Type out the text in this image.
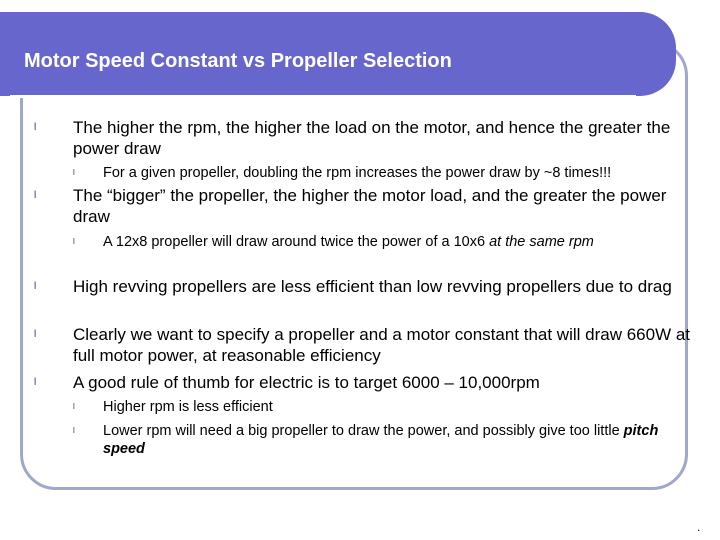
Motor Speed Constant vs Propeller Selection
l The higher the rpm, the higher the load on the motor, and hence the greater the power draw
l For a given propeller, doubling the rpm increases the power draw by ~8 times!!!
l The “bigger” the propeller, the higher the motor load, and the greater the power draw
l A 12x8 propeller will draw around twice the power of a 10x6 at the same rpm
l High revving propellers are less efficient than low revving propellers due to drag
l Clearly we want to specify a propeller and a motor constant that will draw 660W at full motor power, at reasonable efficiency
l A good rule of thumb for electric is to target 6000 – 10,000rpm
l Higher rpm is less efficient
l Lower rpm will need a big propeller to draw the power, and possibly give too little pitch speed
.
